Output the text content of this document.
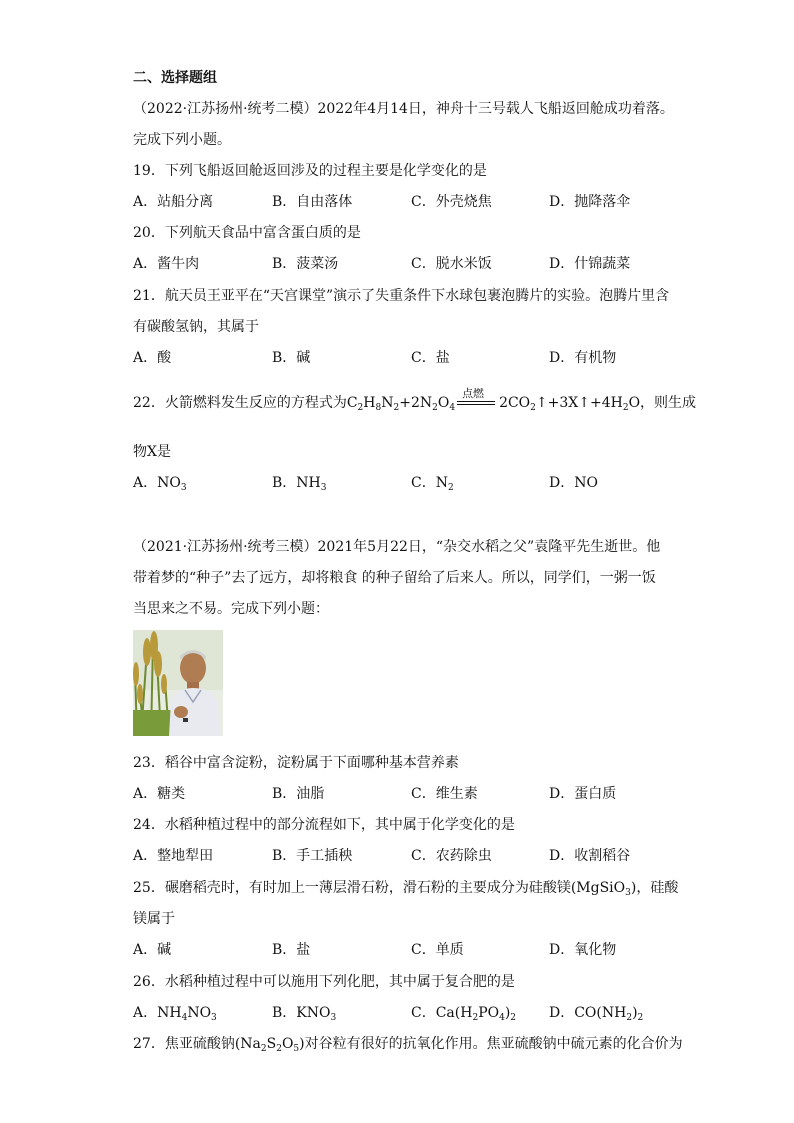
二、选择题组
（2022·江苏扬州·统考二模）2022年4月14日，神舟十三号载人飞船返回舱成功着落。
完成下列小题。
19．下列飞船返回舱返回涉及的过程主要是化学变化的是
A．站船分离	B．自由落体	C．外壳烧焦	D．抛降落伞
20．下列航天食品中富含蛋白质的是
A．酱牛肉	B．菠菜汤	C．脱水米饭	D．什锦蔬菜
21．航天员王亚平在“天宫课堂”演示了失重条件下水球包裹泡腾片的实验。泡腾片里含
有碳酸氢钠，其属于
A．酸	B．碱	C．盐	D．有机物
22．火箭燃料发生反应的方程式为$C_2H_8N_2+2N_2O_4$
点燃
$2CO_2↑+3X↑+4H_2O$，则生成
物X是
A．$NO_3$	B．$NH_3$	C．$N_2$	D．NO
（2021·江苏扬州·统考三模）2021年5月22日，“杂交水稻之父”袁隆平先生逝世。他
带着梦的“种子”去了远方，却将粮食 的种子留给了后来人。所以，同学们，一粥一饭
当思来之不易。完成下列小题：
23．稻谷中富含淀粉，淀粉属于下面哪种基本营养素
A．糖类	B．油脂	C．维生素	D．蛋白质
24．水稻种植过程中的部分流程如下，其中属于化学变化的是
A．整地犁田	B．手工插秧	C．农药除虫	D．收割稻谷
25．碾磨稻壳时，有时加上一薄层滑石粉，滑石粉的主要成分为硅酸镁(MgSiO$_3$)，硅酸
镁属于
A．碱	B．盐	C．单质	D．氧化物
26．水稻种植过程中可以施用下列化肥，其中属于复合肥的是
A．$NH_4NO_3$	B．$KNO_3$	C．$Ca(H_2PO_4)_2$ D．$CO(NH_2)_2$
27．焦亚硫酸钠$(Na_2S_2O_5)$对谷粒有很好的抗氧化作用。焦亚硫酸钠中硫元素的化合价为
